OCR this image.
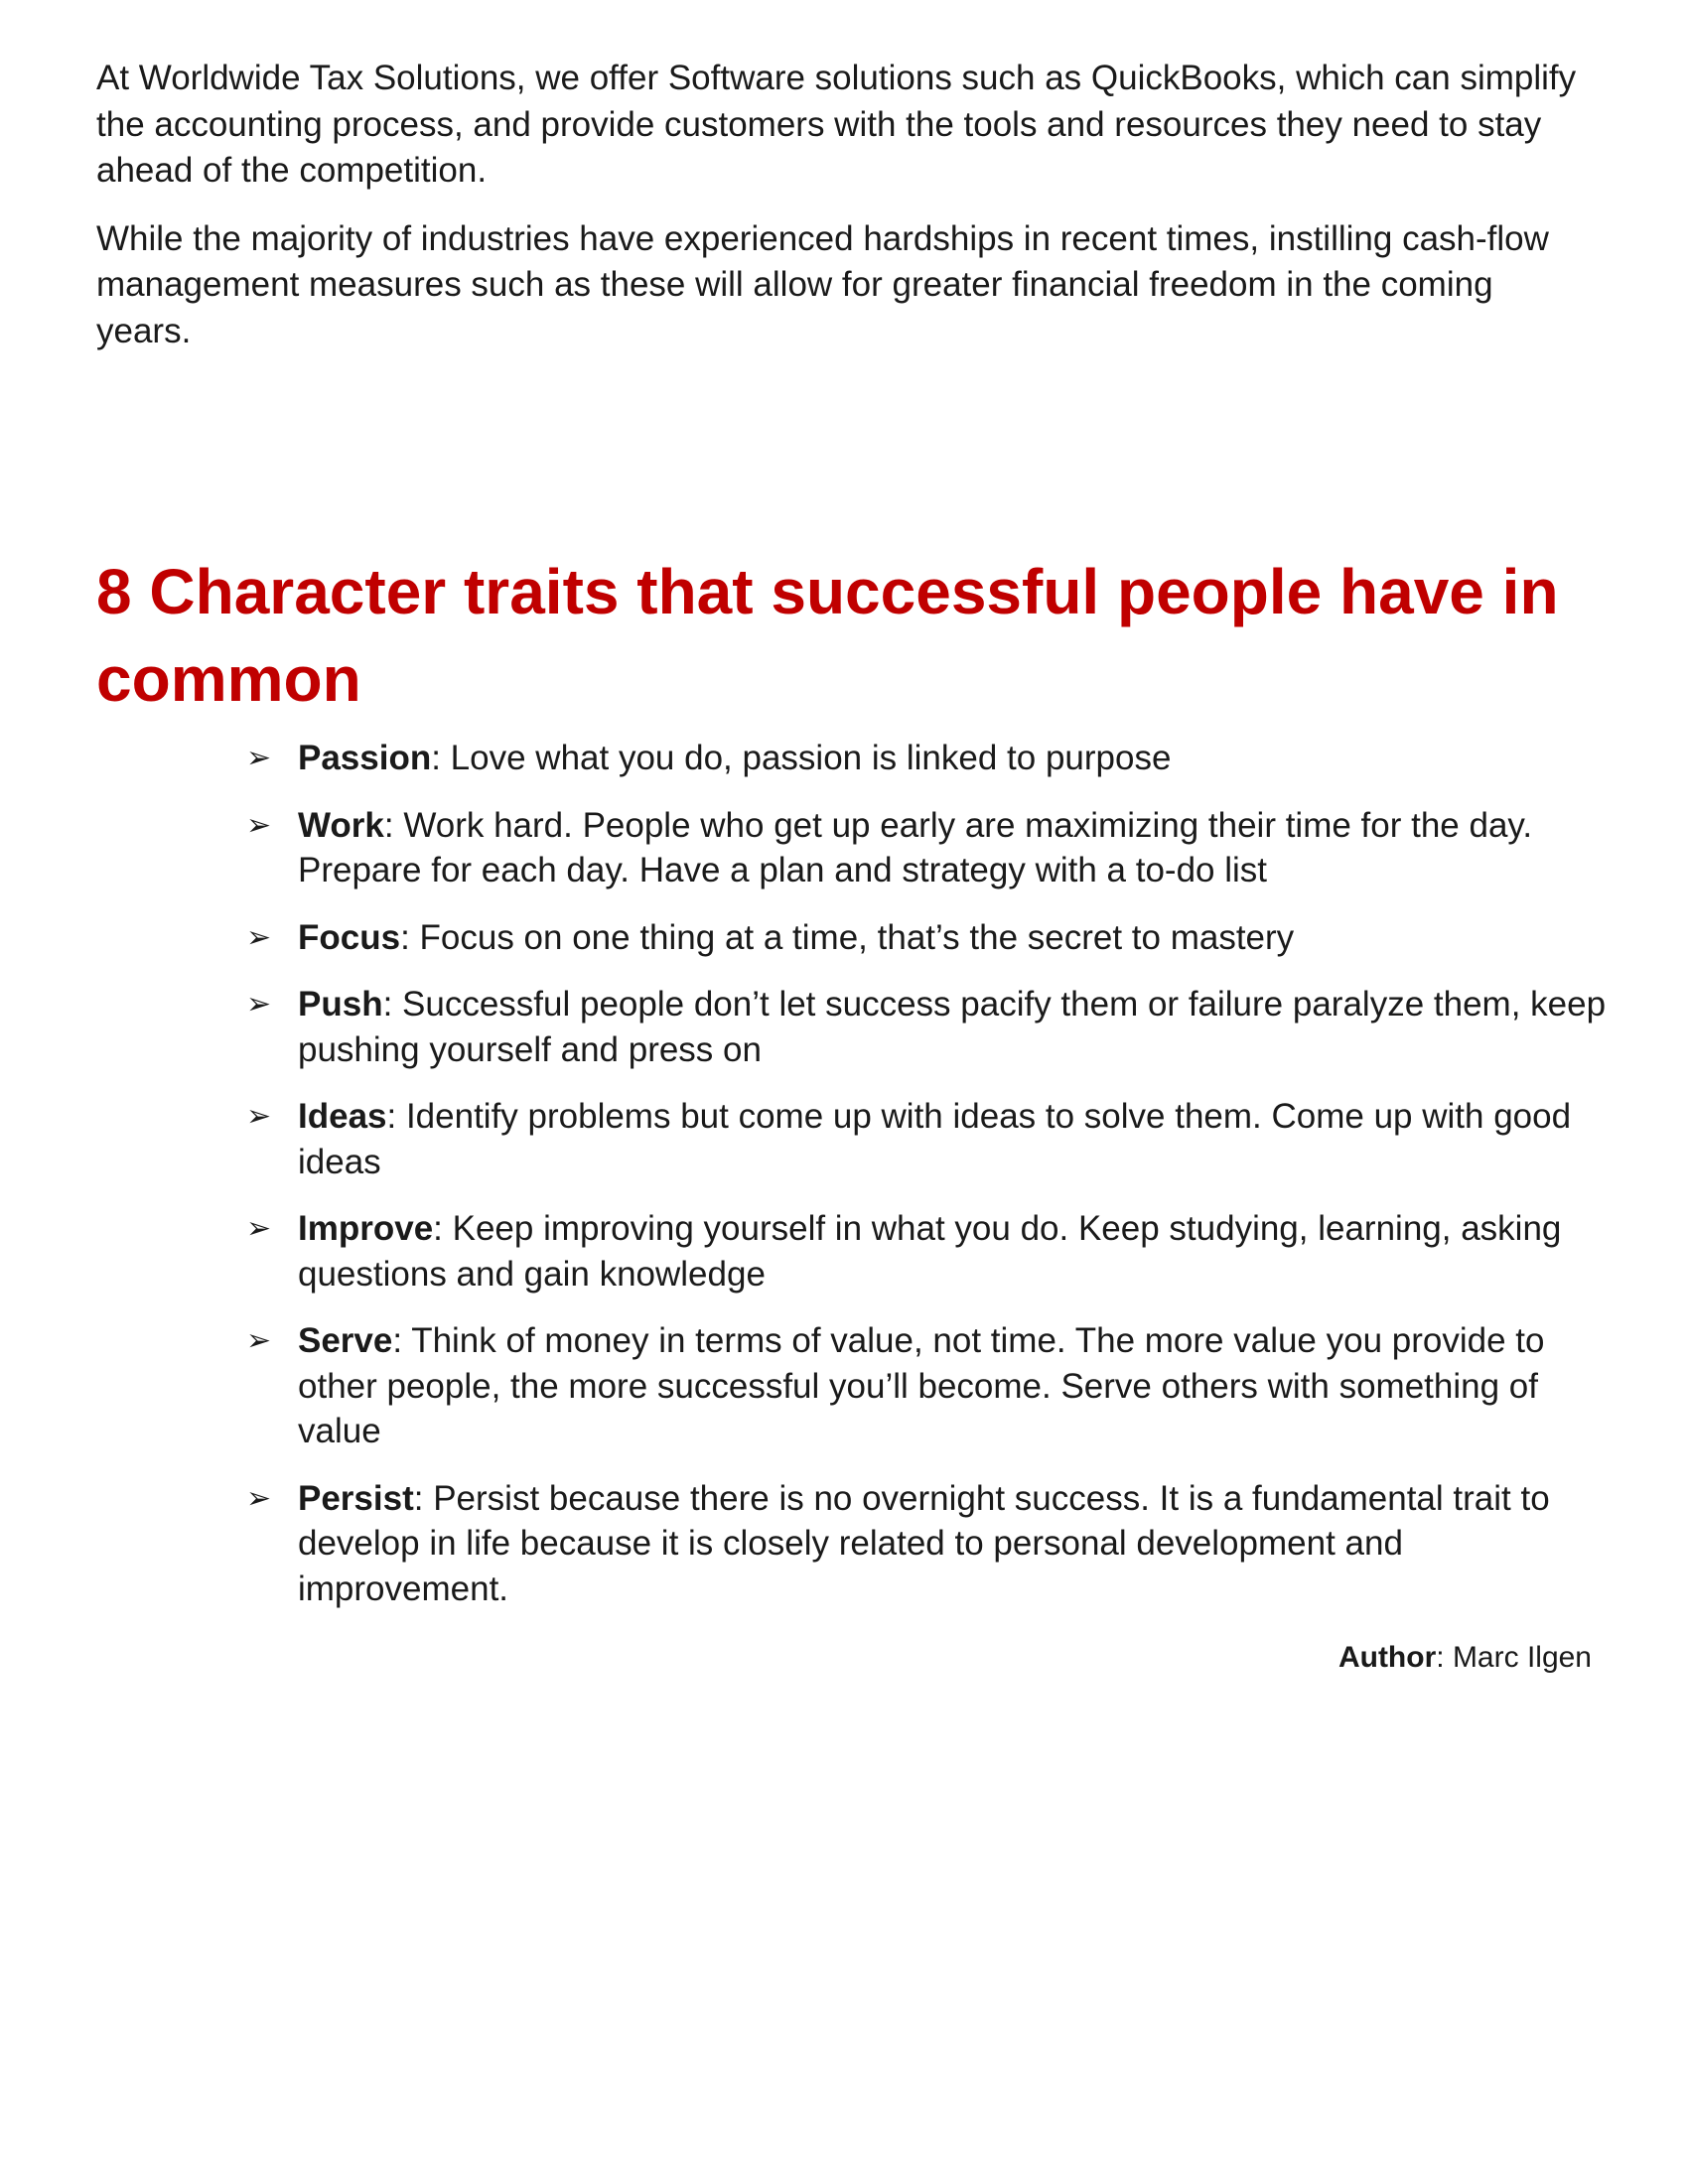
At Worldwide Tax Solutions, we offer Software solutions such as QuickBooks, which can simplify the accounting process, and provide customers with the tools and resources they need to stay ahead of the competition.

While the majority of industries have experienced hardships in recent times, instilling cash-flow management measures such as these will allow for greater financial freedom in the coming years.

8 Character traits that successful people have in common
➢ Passion: Love what you do, passion is linked to purpose
➢ Work: Work hard. People who get up early are maximizing their time for the day. Prepare for each day. Have a plan and strategy with a to-do list
➢ Focus: Focus on one thing at a time, that’s the secret to mastery
➢ Push: Successful people don’t let success pacify them or failure paralyze them, keep pushing yourself and press on
➢ Ideas: Identify problems but come up with ideas to solve them. Come up with good ideas
➢ Improve: Keep improving yourself in what you do. Keep studying, learning, asking questions and gain knowledge
➢ Serve: Think of money in terms of value, not time. The more value you provide to other people, the more successful you’ll become. Serve others with something of value
➢ Persist: Persist because there is no overnight success. It is a fundamental trait to develop in life because it is closely related to personal development and improvement.
Author: Marc Ilgen
